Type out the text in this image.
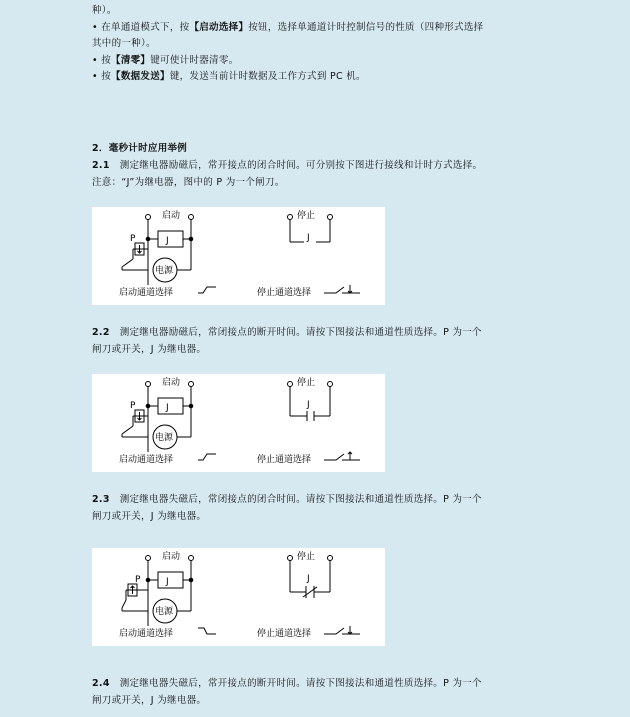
种）。
• 在单通道模式下，按【启动选择】按钮，选择单通道计时控制信号的性质（四种形式选择
其中的一种）。
• 按【清零】键可使计时器清零。
• 按【数据发送】键，发送当前计时数据及工作方式到 PC 机。
2．毫秒计时应用举例
2.1 测定继电器励磁后，常开接点的闭合时间。可分别按下图进行接线和计时方式选择。
注意：“J”为继电器，图中的 P 为一个闸刀。
启动
J
P
电源
启动通道选择
停止
J
停止通道选择
2.2 测定继电器励磁后，常闭接点的断开时间。请按下图接法和通道性质选择。P 为一个
闸刀或开关，J 为继电器。
启动
J
P
电源
启动通道选择
停止
J
停止通道选择
2.3 测定继电器失磁后，常闭接点的闭合时间。请按下图接法和通道性质选择。P 为一个
闸刀或开关，J 为继电器。
启动
J
P
电源
启动通道选择
停止
J
停止通道选择
2.4 测定继电器失磁后，常开接点的断开时间。请按下图接法和通道性质选择。P 为一个
闸刀或开关，J 为继电器。
